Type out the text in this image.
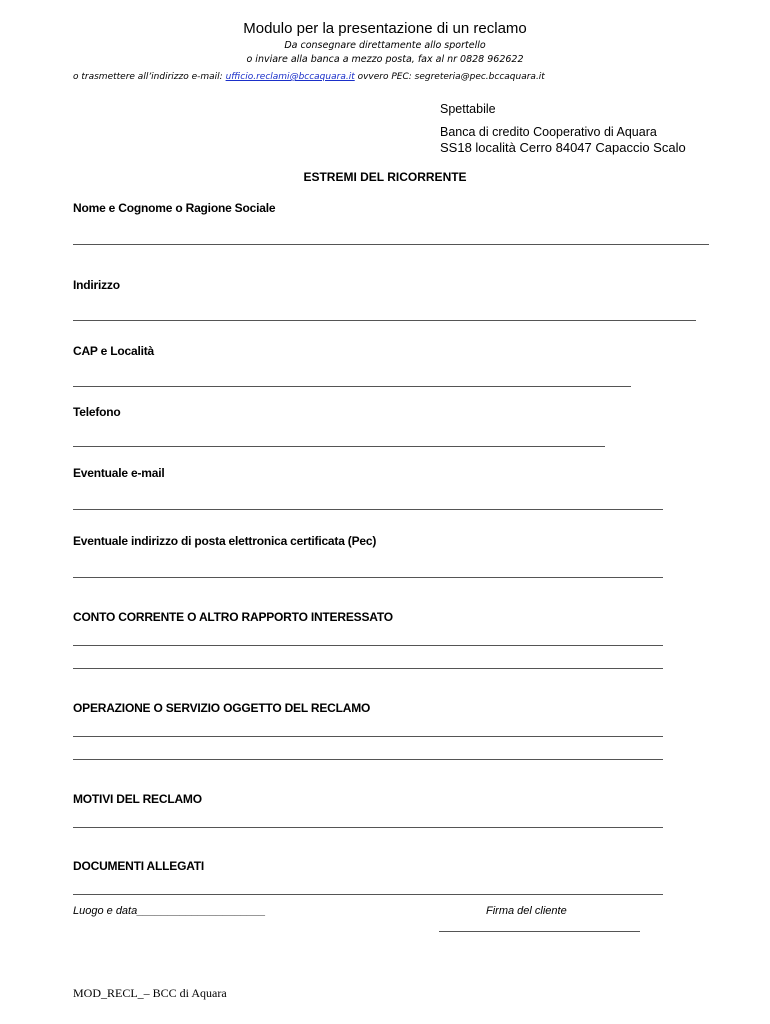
Modulo per la presentazione di un reclamo
Da consegnare direttamente allo sportello
o inviare alla banca a mezzo posta, fax al nr 0828 962622
o trasmettere all’indirizzo e-mail: ufficio.reclami@bccaquara.it ovvero PEC: segreteria@pec.bccaquara.it
Spettabile
Banca di credito Cooperativo di Aquara
SS18 località Cerro 84047 Capaccio Scalo
ESTREMI DEL RICORRENTE
Nome e Cognome o Ragione Sociale
Indirizzo
CAP e Località
Telefono
Eventuale e-mail
Eventuale indirizzo di posta elettronica certificata (Pec)
CONTO CORRENTE O ALTRO RAPPORTO INTERESSATO
OPERAZIONE O SERVIZIO OGGETTO DEL RECLAMO
MOTIVI DEL RECLAMO
DOCUMENTI ALLEGATI
Luogo e data_____________________	Firma del cliente
MOD_RECL_– BCC di Aquara
